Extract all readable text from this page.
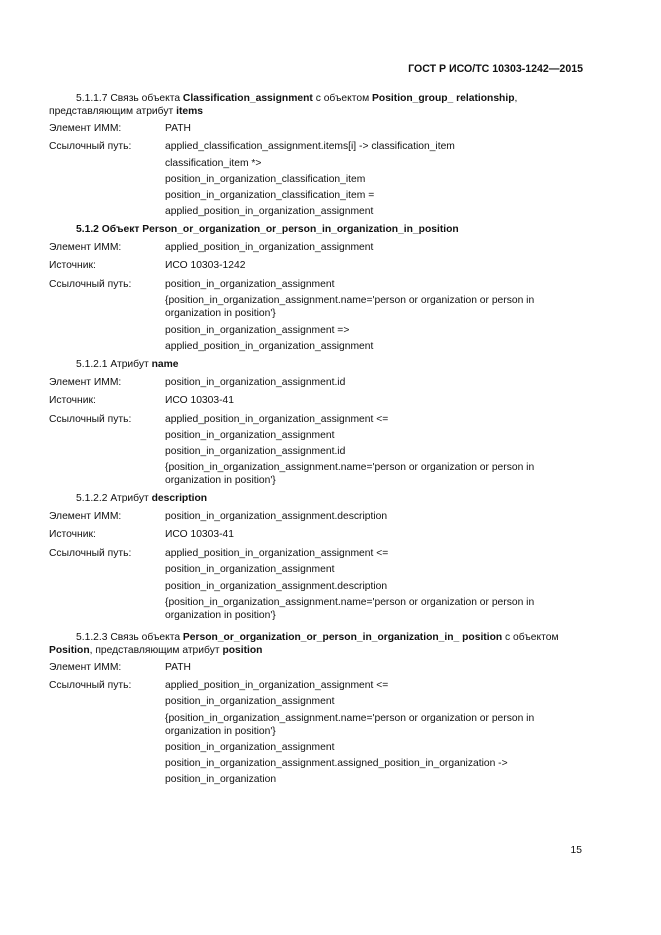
ГОСТ Р ИСО/ТС 10303-1242—2015

5.1.1.7 Связь объекта Classification_assignment с объектом Position_group_ relationship, представляющим атрибут items

Элемент ИММ:	PATH
Ссылочный путь:	applied_classification_assignment.items[i] -> classification_item
classification_item *>
position_in_organization_classification_item
position_in_organization_classification_item =
applied_position_in_organization_assignment

5.1.2 Объект Person_or_organization_or_person_in_organization_in_position

Элемент ИММ:	applied_position_in_organization_assignment
Источник:	ИСО 10303-1242
Ссылочный путь:	position_in_organization_assignment
{position_in_organization_assignment.name='person or organization or person in organization in position'}
position_in_organization_assignment =>
applied_position_in_organization_assignment

5.1.2.1 Атрибут name

Элемент ИММ:	position_in_organization_assignment.id
Источник:	ИСО 10303-41
Ссылочный путь:	applied_position_in_organization_assignment <=
position_in_organization_assignment
position_in_organization_assignment.id
{position_in_organization_assignment.name='person or organization or person in organization in position'}

5.1.2.2 Атрибут description

Элемент ИММ:	position_in_organization_assignment.description
Источник:	ИСО 10303-41
Ссылочный путь:	applied_position_in_organization_assignment <=
position_in_organization_assignment
position_in_organization_assignment.description
{position_in_organization_assignment.name='person or organization or person in organization in position'}

5.1.2.3 Связь объекта Person_or_organization_or_person_in_organization_in_ position с объектом Position, представляющим атрибут position

Элемент ИММ:	PATH
Ссылочный путь:	applied_position_in_organization_assignment <=
position_in_organization_assignment
{position_in_organization_assignment.name='person or organization or person in organization in position'}
position_in_organization_assignment
position_in_organization_assignment.assigned_position_in_organization ->
position_in_organization
15
